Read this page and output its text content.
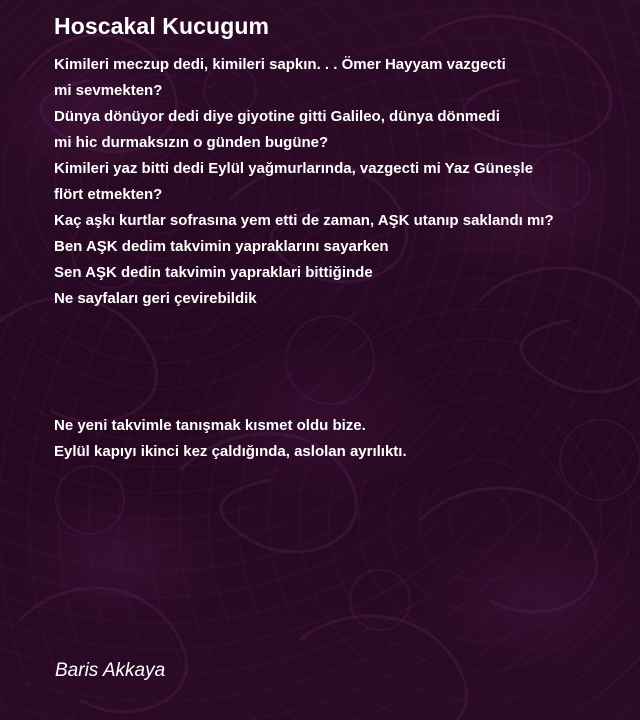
Hoscakal Kucugum
Kimileri meczup dedi, kimileri sapkın. . . Ömer Hayyam vazgecti
mi sevmekten?
Dünya dönüyor dedi diye giyotine gitti Galileo, dünya dönmedi
mi hic durmaksızın o günden bugüne?
Kimileri yaz bitti dedi Eylül yağmurlarında, vazgecti mi Yaz Güneşle
flört etmekten?
Kaç aşkı kurtlar sofrasına yem etti de zaman, AŞK utanıp saklandı mı?
Ben AŞK dedim takvimin yapraklarını sayarken
Sen AŞK dedin takvimin yapraklari bittiğinde
Ne sayfaları geri çevirebildik
Ne yeni takvimle tanışmak kısmet oldu bize.
Eylül kapıyı ikinci kez çaldığında, aslolan ayrılıktı.

Baris Akkaya
